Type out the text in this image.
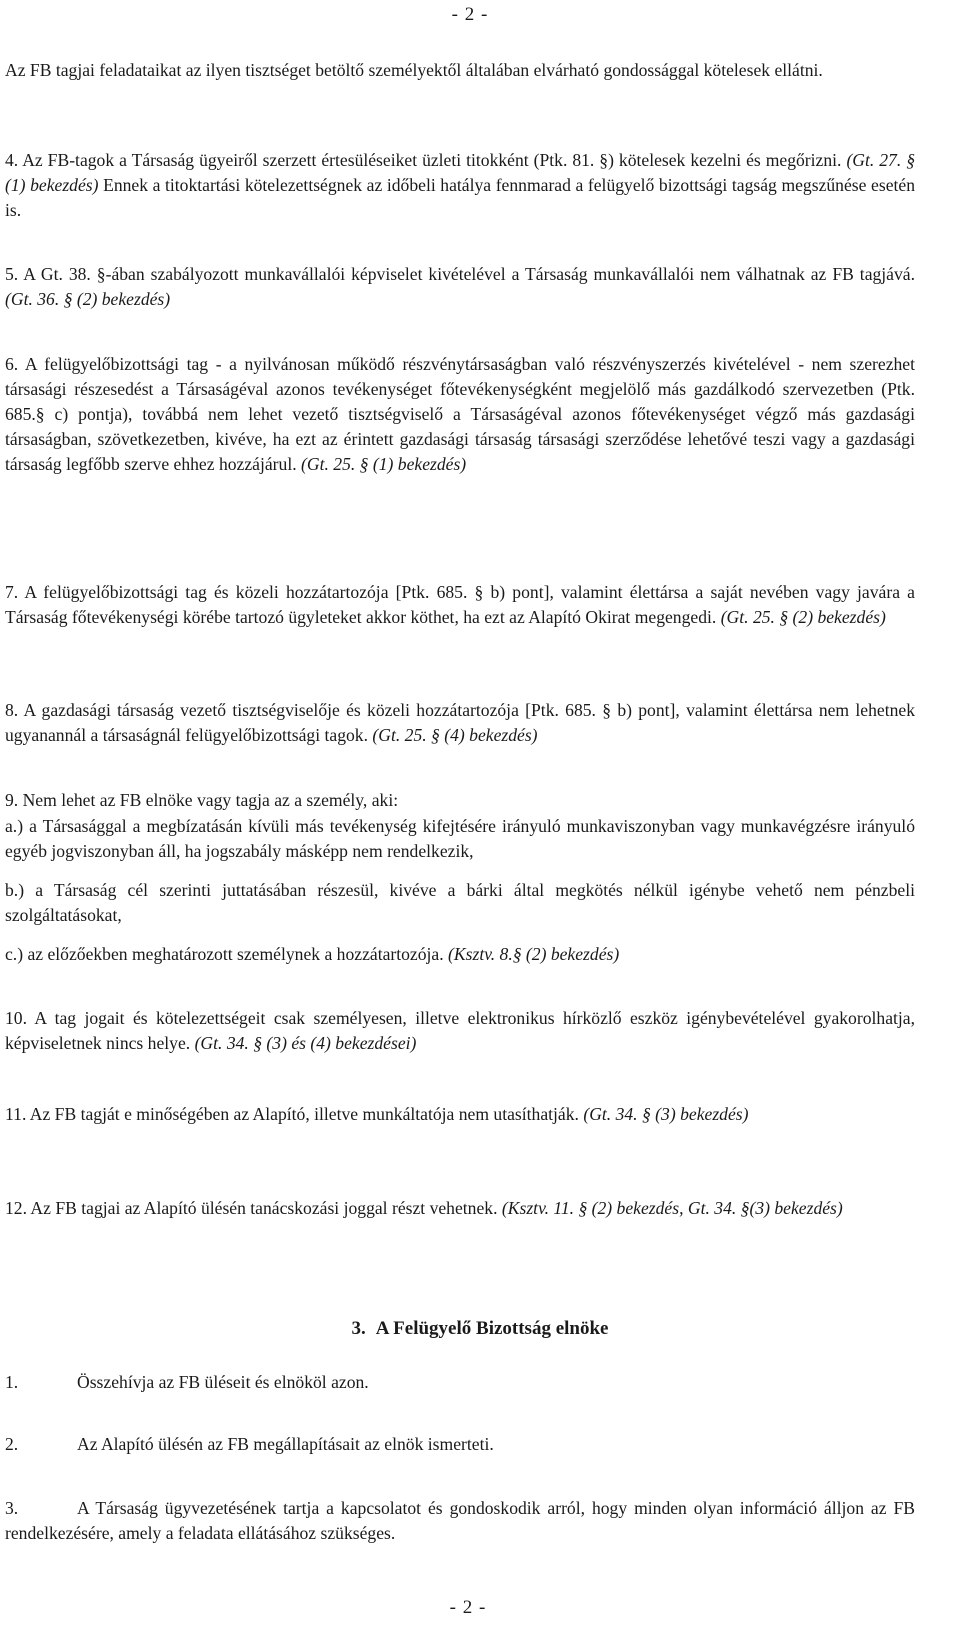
- 2 -
Az FB tagjai feladataikat az ilyen tisztséget betöltő személyektől általában elvárható gondossággal kötelesek ellátni.
4. Az FB-tagok a Társaság ügyeiről szerzett értesüléseiket üzleti titokként (Ptk. 81. §) kötelesek kezelni és megőrizni. (Gt. 27. § (1) bekezdés) Ennek a titoktartási kötelezettségnek az időbeli hatálya fennmarad a felügyelő bizottsági tagság megszűnése esetén is.
5. A Gt. 38. §-ában szabályozott munkavállalói képviselet kivételével a Társaság munkavállalói nem válhatnak az FB tagjává. (Gt. 36. § (2) bekezdés)
6. A felügyelőbizottsági tag - a nyilvánosan működő részvénytársaságban való részvényszerzés kivételével - nem szerezhet társasági részesedést a Társaságéval azonos tevékenységet főtevékenységként megjelölő más gazdálkodó szervezetben (Ptk. 685.§ c) pontja), továbbá nem lehet vezető tisztségviselő a Társaságéval azonos főtevékenységet végző más gazdasági társaságban, szövetkezetben, kivéve, ha ezt az érintett gazdasági társaság társasági szerződése lehetővé teszi vagy a gazdasági társaság legfőbb szerve ehhez hozzájárul. (Gt. 25. § (1) bekezdés)
7. A felügyelőbizottsági tag és közeli hozzátartozója [Ptk. 685. § b) pont], valamint élettársa a saját nevében vagy javára a Társaság főtevékenységi körébe tartozó ügyleteket akkor köthet, ha ezt az Alapító Okirat megengedi. (Gt. 25. § (2) bekezdés)
8. A gazdasági társaság vezető tisztségviselője és közeli hozzátartozója [Ptk. 685. § b) pont], valamint élettársa nem lehetnek ugyanannál a társaságnál felügyelőbizottsági tagok. (Gt. 25. § (4) bekezdés)
9. Nem lehet az FB elnöke vagy tagja az a személy, aki:
a.) a Társasággal a megbízatásán kívüli más tevékenység kifejtésére irányuló munkaviszonyban vagy munkavégzésre irányuló egyéb jogviszonyban áll, ha jogszabály másképp nem rendelkezik,
b.) a Társaság cél szerinti juttatásában részesül, kivéve a bárki által megkötés nélkül igénybe vehető nem pénzbeli szolgáltatásokat,
c.) az előzőekben meghatározott személynek a hozzátartozója. (Ksztv. 8.§ (2) bekezdés)
10. A tag jogait és kötelezettségeit csak személyesen, illetve elektronikus hírközlő eszköz igénybevételével gyakorolhatja, képviseletnek nincs helye. (Gt. 34. § (3) és (4) bekezdései)
11. Az FB tagját e minőségében az Alapító, illetve munkáltatója nem utasíthatják. (Gt. 34. § (3) bekezdés)
12. Az FB tagjai az Alapító ülésén tanácskozási joggal részt vehetnek. (Ksztv. 11. § (2) bekezdés, Gt. 34. §(3) bekezdés)
3. A Felügyelő Bizottság elnöke
1.	Összehívja az FB üléseit és elnököl azon.
2.	Az Alapító ülésén az FB megállapításait az elnök ismerteti.
3.	A Társaság ügyvezetésének tartja a kapcsolatot és gondoskodik arról, hogy minden olyan információ álljon az FB rendelkezésére, amely a feladata ellátásához szükséges.
- 2 -
